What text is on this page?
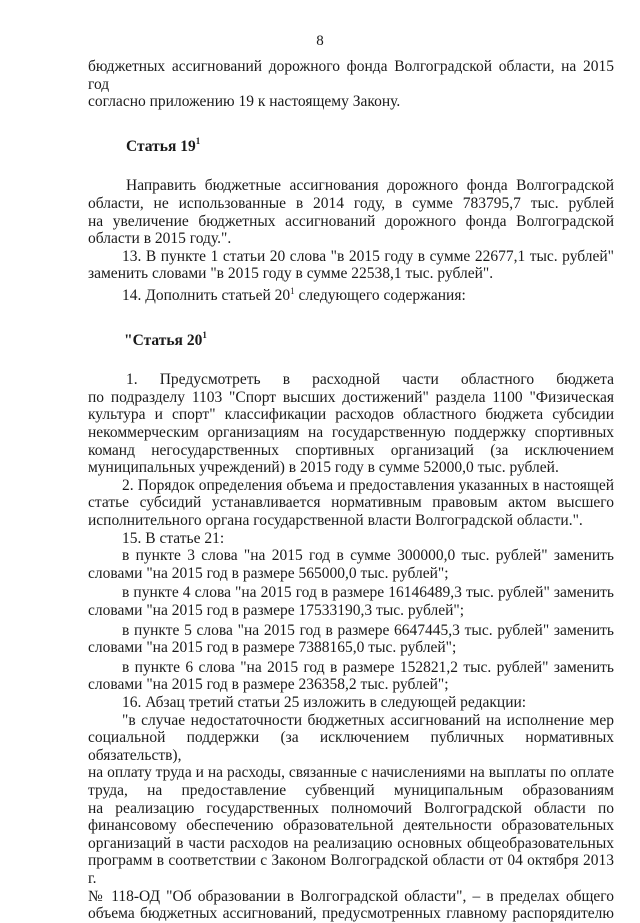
8

бюджетных ассигнований дорожного фонда Волгоградской области, на 2015 год

согласно приложению 19 к настоящему Закону.

Статья $19^1$

Направить бюджетные ассигнования дорожного фонда Волгоградской

области, не использованные в 2014 году, в сумме 783795,7 тыс. рублей

на увеличение бюджетных ассигнований дорожного фонда Волгоградской

области в 2015 году.".

13. В пункте 1 статьи 20 слова "в 2015 году в сумме 22677,1 тыс. рублей"

заменить словами "в 2015 году в сумме 22538,1 тыс. рублей".

14. Дополнить статьей $20^1$ следующего содержания:

"Статья $20^1$

1.    Предусмотреть    в    расходной    части    областного    бюджета

по подразделу 1103 "Спорт высших достижений" раздела 1100 "Физическая

культура и спорт" классификации расходов областного бюджета субсидии

некоммерческим организациям на государственную поддержку спортивных

команд негосударственных спортивных организаций (за исключением

муниципальных учреждений) в 2015 году в сумме 52000,0 тыс. рублей.

2. Порядок определения объема и предоставления указанных в настоящей

статье субсидий устанавливается нормативным правовым актом высшего

исполнительного органа государственной власти Волгоградской области.".

15. В статье 21:

в пункте 3 слова "на 2015 год в сумме 300000,0 тыс. рублей" заменить

словами "на 2015 год в размере 565000,0 тыс. рублей";

в пункте 4 слова "на 2015 год в размере 16146489,3 тыс. рублей" заменить

словами "на 2015 год в размере 17533190,3 тыс. рублей";

в пункте 5 слова "на 2015 год в размере 6647445,3 тыс. рублей" заменить

словами "на 2015 год в размере 7388165,0 тыс. рублей";

в пункте 6 слова "на 2015 год в размере 152821,2 тыс. рублей" заменить

словами "на 2015 год в размере 236358,2 тыс. рублей";

16. Абзац третий статьи 25 изложить в следующей редакции:

"в случае недостаточности бюджетных ассигнований на исполнение мер

социальной поддержки (за исключением публичных нормативных обязательств),

на оплату труда и на расходы, связанные с начислениями на выплаты по оплате

труда, на предоставление субвенций муниципальным образованиям

на реализацию государственных полномочий Волгоградской области по

финансовому обеспечению образовательной деятельности образовательных

организаций в части расходов на реализацию основных общеобразовательных

программ в соответствии с Законом Волгоградской области от 04 октября 2013 г.

№ 118-ОД "Об образовании в Волгоградской области", – в пределах общего

объема бюджетных ассигнований, предусмотренных главному распорядителю
